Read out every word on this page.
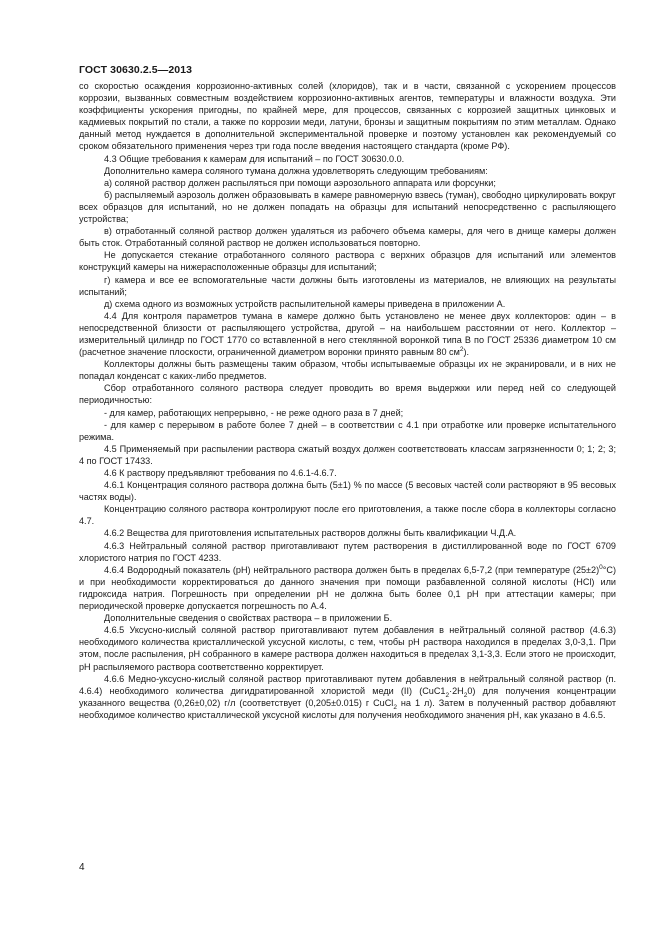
ГОСТ 30630.2.5—2013

со скоростью осаждения коррозионно-активных солей (хлоридов), так и в части, связанной с ускорением процессов коррозии, вызванных совместным воздействием коррозионно-активных агентов, температуры и влажности воздуха. Эти коэффициенты ускорения пригодны, по крайней мере, для процессов, связанных с коррозией защитных цинковых и кадмиевых покрытий по стали, а также по коррозии меди, латуни, бронзы и защитным покрытиям по этим металлам. Однако данный метод нуждается в дополнительной экспериментальной проверке и поэтому установлен как рекомендуемый со сроком обязательного применения через три года после введения настоящего стандарта (кроме РФ).

4.3 Общие требования к камерам для испытаний – по ГОСТ 30630.0.0.

Дополнительно камера соляного тумана должна удовлетворять следующим требованиям:

а) соляной раствор должен распыляться при помощи аэрозольного аппарата или форсунки;

б) распыляемый аэрозоль должен образовывать в камере равномерную взвесь (туман), свободно циркулировать вокруг всех образцов для испытаний, но не должен попадать на образцы для испытаний непосредственно с распыляющего устройства;

в) отработанный соляной раствор должен удаляться из рабочего объема камеры, для чего в днище камеры должен быть сток. Отработанный соляной раствор не должен использоваться повторно.

Не допускается стекание отработанного соляного раствора с верхних образцов для испытаний или элементов конструкций камеры на нижерасположенные образцы для испытаний;

г) камера и все ее вспомогательные части должны быть изготовлены из материалов, не влияющих на результаты испытаний;

д) схема одного из возможных устройств распылительной камеры приведена в приложении А.

4.4 Для контроля параметров тумана в камере должно быть установлено не менее двух коллекторов: один – в непосредственной близости от распыляющего устройства, другой – на наибольшем расстоянии от него. Коллектор – измерительный цилиндр по ГОСТ 1770 со вставленной в него стеклянной воронкой типа В по ГОСТ 25336 диаметром 10 см (расчетное значение плоскости, ограниченной диаметром воронки принято равным 80 $см^2$).

Коллекторы должны быть размещены таким образом, чтобы испытываемые образцы их не экранировали, и в них не попадал конденсат с каких-либо предметов.

Сбор отработанного соляного раствора следует проводить во время выдержки или перед ней со следующей периодичностью:

- для камер, работающих непрерывно, - не реже одного раза в 7 дней;

- для камер с перерывом в работе более 7 дней – в соответствии с 4.1 при отработке или проверке испытательного режима.

4.5 Применяемый при распылении раствора сжатый воздух должен соответствовать классам загрязненности 0; 1; 2; 3; 4 по ГОСТ 17433.

4.6 К раствору предъявляют требования по 4.6.1-4.6.7.

4.6.1 Концентрация соляного раствора должна быть (5±1) % по массе (5 весовых частей соли растворяют в 95 весовых частях воды).

Концентрацию соляного раствора контролируют после его приготовления, а также после сбора в коллекторы согласно 4.7.

4.6.2 Вещества для приготовления испытательных растворов должны быть квалификации Ч.Д.А.

4.6.3 Нейтральный соляной раствор приготавливают путем растворения в дистиллированной воде по ГОСТ 6709 хлористого натрия по ГОСТ 4233.

4.6.4 Водородный показатель (рН) нейтрального раствора должен быть в пределах 6,5-7,2 (при температуре $(25\pm 2)^0^\circ С$) и при необходимости корректироваться до данного значения при помощи разбавленной соляной кислоты (HCl) или гидроксида натрия. Погрешность при определении рН не должна быть более 0,1 рН при аттестации камеры; при периодической проверке допускается погрешность по А.4.

Дополнительные сведения о свойствах раствора – в приложении Б.

4.6.5 Уксусно-кислый соляной раствор приготавливают путем добавления в нейтральный соляной раствор (4.6.3) необходимого количества кристаллической уксусной кислоты, с тем, чтобы рН раствора находился в пределах 3,0-3,1. При этом, после распыления, рН собранного в камере раствора должен находиться в пределах 3,1-3,3. Если этого не происходит, рН распыляемого раствора соответственно корректирует.

4.6.6 Медно-уксусно-кислый соляной раствор приготавливают путем добавления в нейтральный соляной раствор (п. 4.6.4) необходимого количества дигидратированной хлористой меди (II) $(CuC1_2\cdot 2H_20)$ для получения концентрации указанного вещества (0,26±0,02) г/л (соответствует (0,205±0.015) г CuCl$_2$ на 1 л). Затем в полученный раствор добавляют необходимое количество кристаллической уксусной кислоты для получения необходимого значения рН, как указано в 4.6.5.

4
